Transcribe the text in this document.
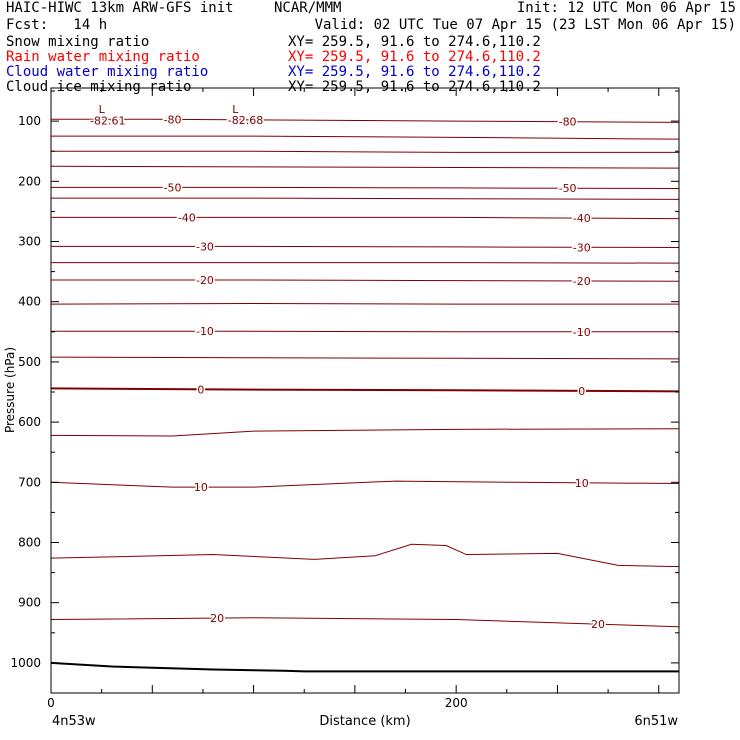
HAIC-HIWC 13km ARW-GFS init	NCAR/MMM	Init: 12 UTC Mon 06 Apr 15
Fcst:   14 h	Valid: 02 UTC Tue 07 Apr 15 (23 LST Mon 06 Apr 15)
Snow mixing ratio	XY= 259.5, 91.6 to 274.6,110.2
Rain water mixing ratio	XY= 259.5, 91.6 to 274.6,110.2
Cloud water mixing ratio	XY= 259.5, 91.6 to 274.6,110.2
Cloud ice mixing ratio	XY= 259.5, 91.6 to 274.6,110.2
-82.61	-80	-82.68	-80
-50	-50
-40	-40
-30	-30
-20	-20
-10	-10
0	0
10	10
20	20
L	L
100
200
300
400
500
600
700
800
900
1000
0	200
Pressure (hPa)
Distance (km)
4n53w	6n51w
